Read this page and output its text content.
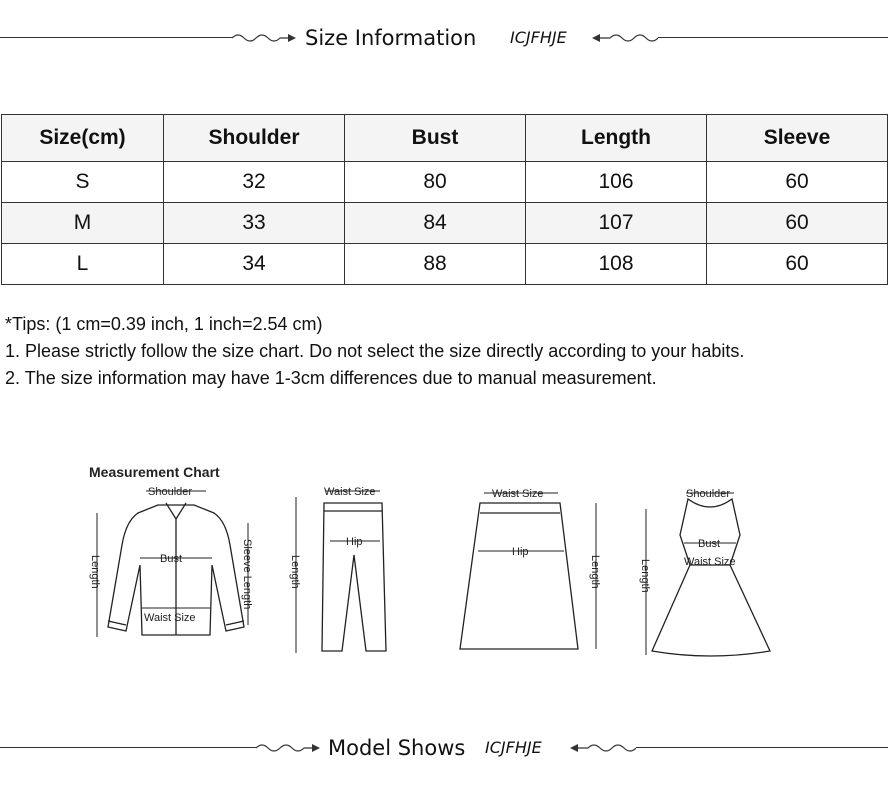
Size Information ICJFHJE
Size(cm)	Shoulder	Bust	Length	Sleeve
S	32	80	106	60
M	33	84	107	60
L	34	88	108	60
*Tips: (1 cm=0.39 inch, 1 inch=2.54 cm)
1. Please strictly follow the size chart. Do not select the size directly according to your habits.
2. The size information may have 1-3cm differences due to manual measurement.
Measurement Chart
Shoulder
Bust
Waist Size
Length	Sleeve Length
Waist Size
Hip
Length
Waist Size
Hip
Length
Shoulder
Bust
Waist Size
Length
Model Shows ICJFHJE
